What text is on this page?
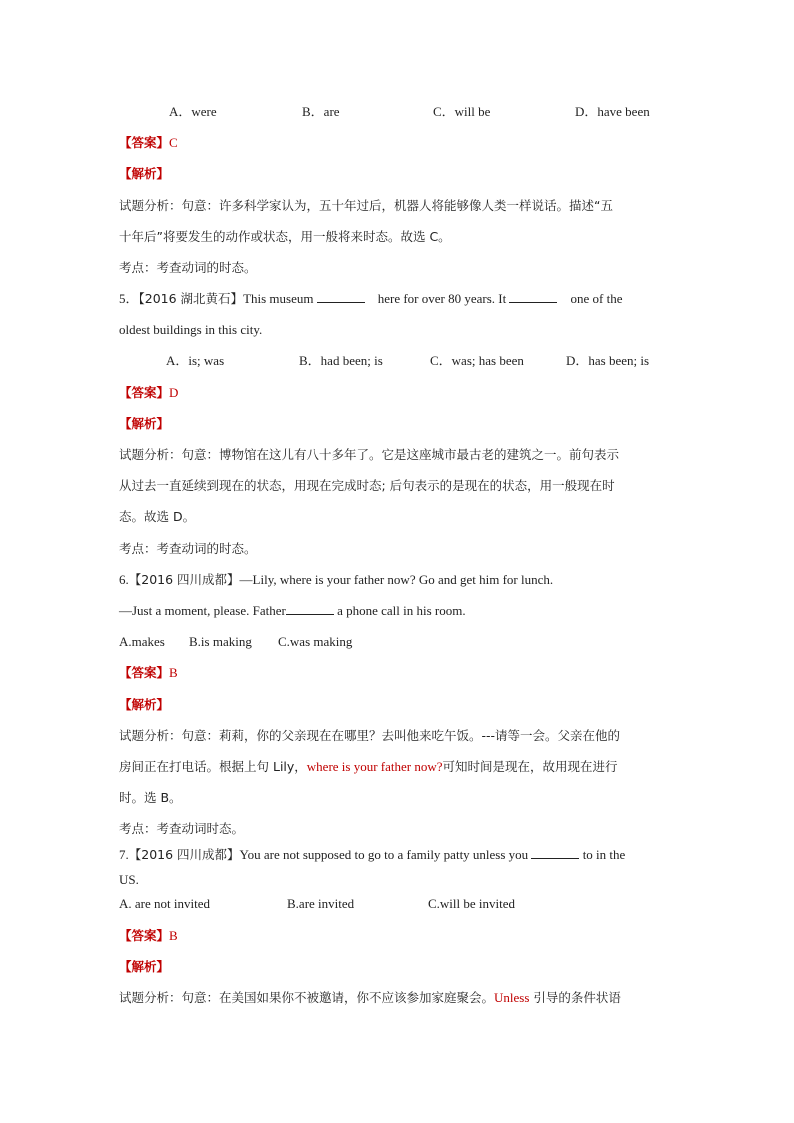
A．were	B．are	C．will be	D．have been
【答案】C
【解析】
试题分析：句意：许多科学家认为，五十年过后，机器人将能够像人类一样说话。描述“五
十年后”将要发生的动作或状态，用一般将来时态。故选 C。
考点：考查动词的时态。
5．【2016 湖北黄石】This museum	here for over 80 years. It	one of the
oldest buildings in this city.
A．is; was	B．had been; is	C．was; has been	D．has been; is
【答案】D
【解析】
试题分析：句意：博物馆在这儿有八十多年了。它是这座城市最古老的建筑之一。前句表示
从过去一直延续到现在的状态，用现在完成时态; 后句表示的是现在的状态，用一般现在时
态。故选 D。
考点：考查动词的时态。
6.【2016 四川成都】—Lily, where is your father now? Go and get him for lunch.
—Just a moment, please. Father	a phone call in his room.
A.makes B.is making C.was making
【答案】B
【解析】
试题分析：句意：莉莉，你的父亲现在在哪里？去叫他来吃午饭。---请等一会。父亲在他的
房间正在打电话。根据上句 Lily，where is your father now?可知时间是现在，故用现在进行
时。选 B。
考点：考查动词时态。
7.【2016 四川成都】You are not supposed to go to a family patty unless you	to in the
US.
A. are not invited	B.are invited	C.will be invited
【答案】B
【解析】
试题分析：句意：在美国如果你不被邀请，你不应该参加家庭聚会。Unless 引导的条件状语
